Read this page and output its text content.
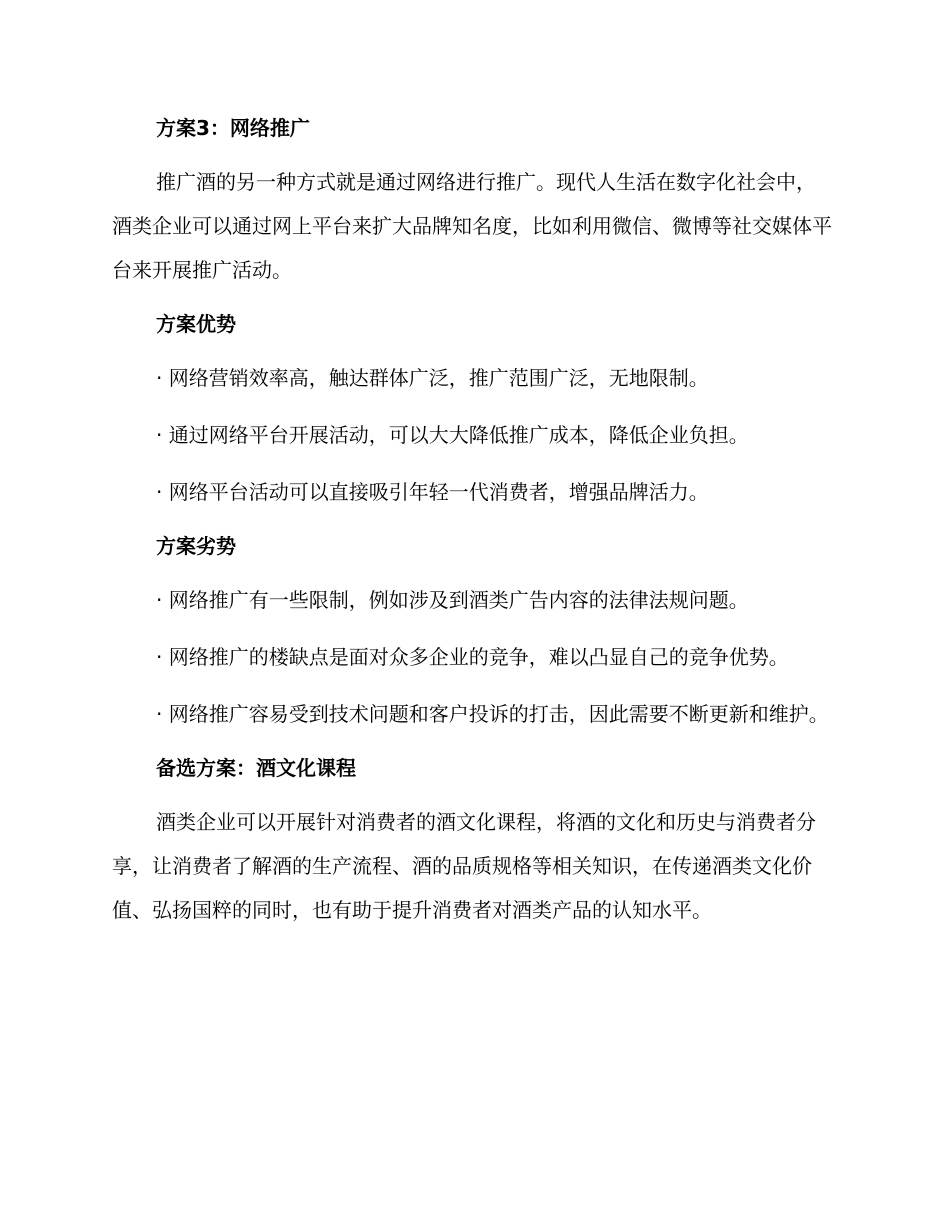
方案3：网络推广

推广酒的另一种方式就是通过网络进行推广。现代人生活在数字化社会中，酒类企业可以通过网上平台来扩大品牌知名度，比如利用微信、微博等社交媒体平台来开展推广活动。

方案优势

· 网络营销效率高，触达群体广泛，推广范围广泛，无地限制。

· 通过网络平台开展活动，可以大大降低推广成本，降低企业负担。

· 网络平台活动可以直接吸引年轻一代消费者，增强品牌活力。

方案劣势

· 网络推广有一些限制，例如涉及到酒类广告内容的法律法规问题。

· 网络推广的楼缺点是面对众多企业的竞争，难以凸显自己的竞争优势。

· 网络推广容易受到技术问题和客户投诉的打击，因此需要不断更新和维护。

备选方案：酒文化课程

酒类企业可以开展针对消费者的酒文化课程，将酒的文化和历史与消费者分享，让消费者了解酒的生产流程、酒的品质规格等相关知识，在传递酒类文化价值、弘扬国粹的同时，也有助于提升消费者对酒类产品的认知水平。
